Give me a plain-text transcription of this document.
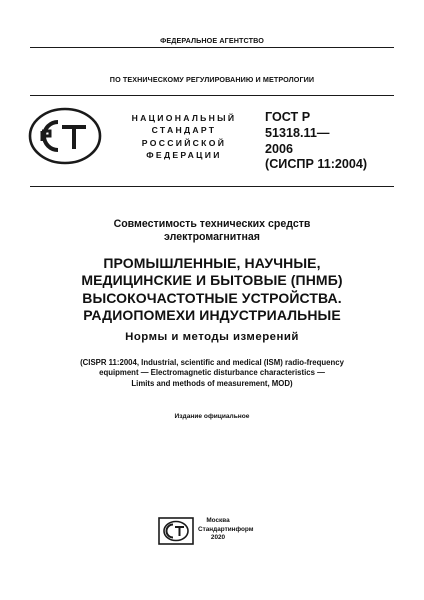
ФЕДЕРАЛЬНОЕ АГЕНТСТВО
ПО ТЕХНИЧЕСКОМУ РЕГУЛИРОВАНИЮ И МЕТРОЛОГИИ
НАЦИОНАЛЬНЫЙ
СТАНДАРТ
РОССИЙСКОЙ
ФЕДЕРАЦИИ
ГОСТ Р
51318.11—
2006
(СИСПР 11:2004)
Совместимость технических средств
электромагнитная
ПРОМЫШЛЕННЫЕ, НАУЧНЫЕ,
МЕДИЦИНСКИЕ И БЫТОВЫЕ (ПНМБ)
ВЫСОКОЧАСТОТНЫЕ УСТРОЙСТВА.
РАДИОПОМЕХИ ИНДУСТРИАЛЬНЫЕ
Нормы и методы измерений
(CISPR 11:2004, Industrial, scientific and medical (ISM) radio-frequency
equipment — Electromagnetic disturbance characteristics —
Limits and methods of measurement, MOD)
Издание официальное
Москва
Стандартинформ
2020
